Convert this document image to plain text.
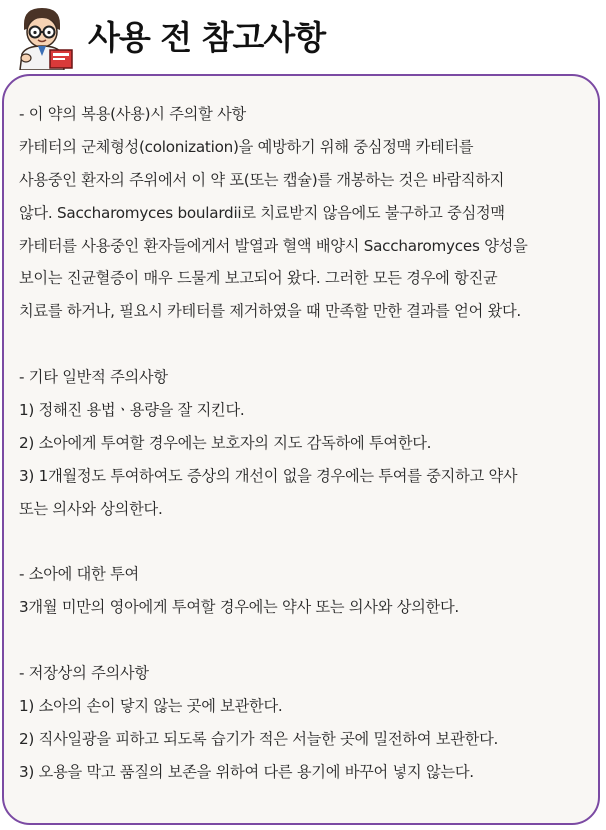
사용 전 참고사항
- 이 약의 복용(사용)시 주의할 사항
카테터의 군체형성(colonization)을 예방하기 위해 중심정맥 카테터를
사용중인 환자의 주위에서 이 약 포(또는 캡슐)를 개봉하는 것은 바람직하지
않다. Saccharomyces boulardii로 치료받지 않음에도 불구하고 중심정맥
카테터를 사용중인 환자들에게서 발열과 혈액 배양시 Saccharomyces 양성을
보이는 진균혈증이 매우 드물게 보고되어 왔다. 그러한 모든 경우에 항진균
치료를 하거나, 필요시 카테터를 제거하였을 때 만족할 만한 결과를 얻어 왔다.
- 기타 일반적 주의사항
1) 정해진 용법ㆍ용량을 잘 지킨다.
2) 소아에게 투여할 경우에는 보호자의 지도 감독하에 투여한다.
3) 1개월정도 투여하여도 증상의 개선이 없을 경우에는 투여를 중지하고 약사
또는 의사와 상의한다.
- 소아에 대한 투여
3개월 미만의 영아에게 투여할 경우에는 약사 또는 의사와 상의한다.
- 저장상의 주의사항
1) 소아의 손이 닿지 않는 곳에 보관한다.
2) 직사일광을 피하고 되도록 습기가 적은 서늘한 곳에 밀전하여 보관한다.
3) 오용을 막고 품질의 보존을 위하여 다른 용기에 바꾸어 넣지 않는다.
